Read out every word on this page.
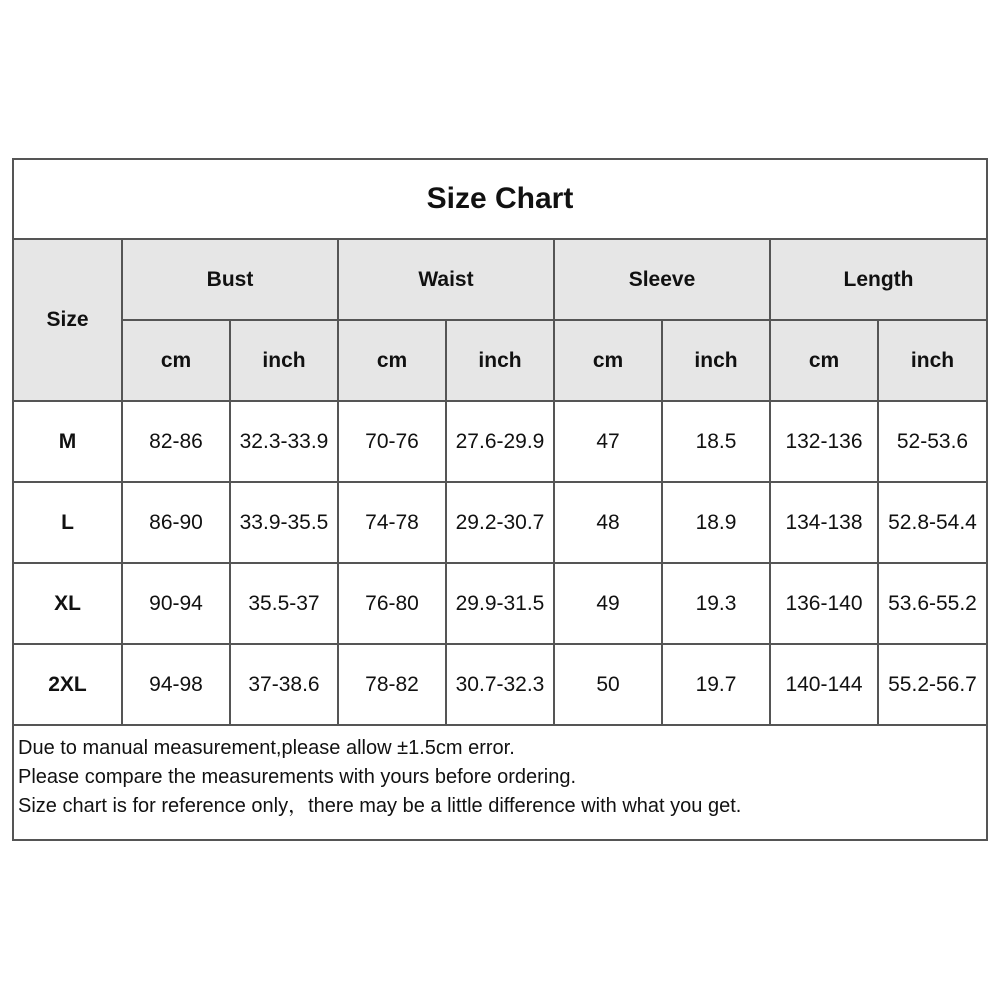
Size Chart
Size	Bust		Waist		Sleeve		Length	
	cm	inch	cm	inch	cm	inch	cm	inch
M	82-86	32.3-33.9	70-76	27.6-29.9	47	18.5	132-136	52-53.6
L	86-90	33.9-35.5	74-78	29.2-30.7	48	18.9	134-138	52.8-54.4
XL	90-94	35.5-37	76-80	29.9-31.5	49	19.3	136-140	53.6-55.2
2XL	94-98	37-38.6	78-82	30.7-32.3	50	19.7	140-144	55.2-56.7
Due to manual measurement,please allow ±1.5cm error.
Please compare the measurements with yours before ordering.
Size chart is for reference only，there may be a little difference with what you get.
